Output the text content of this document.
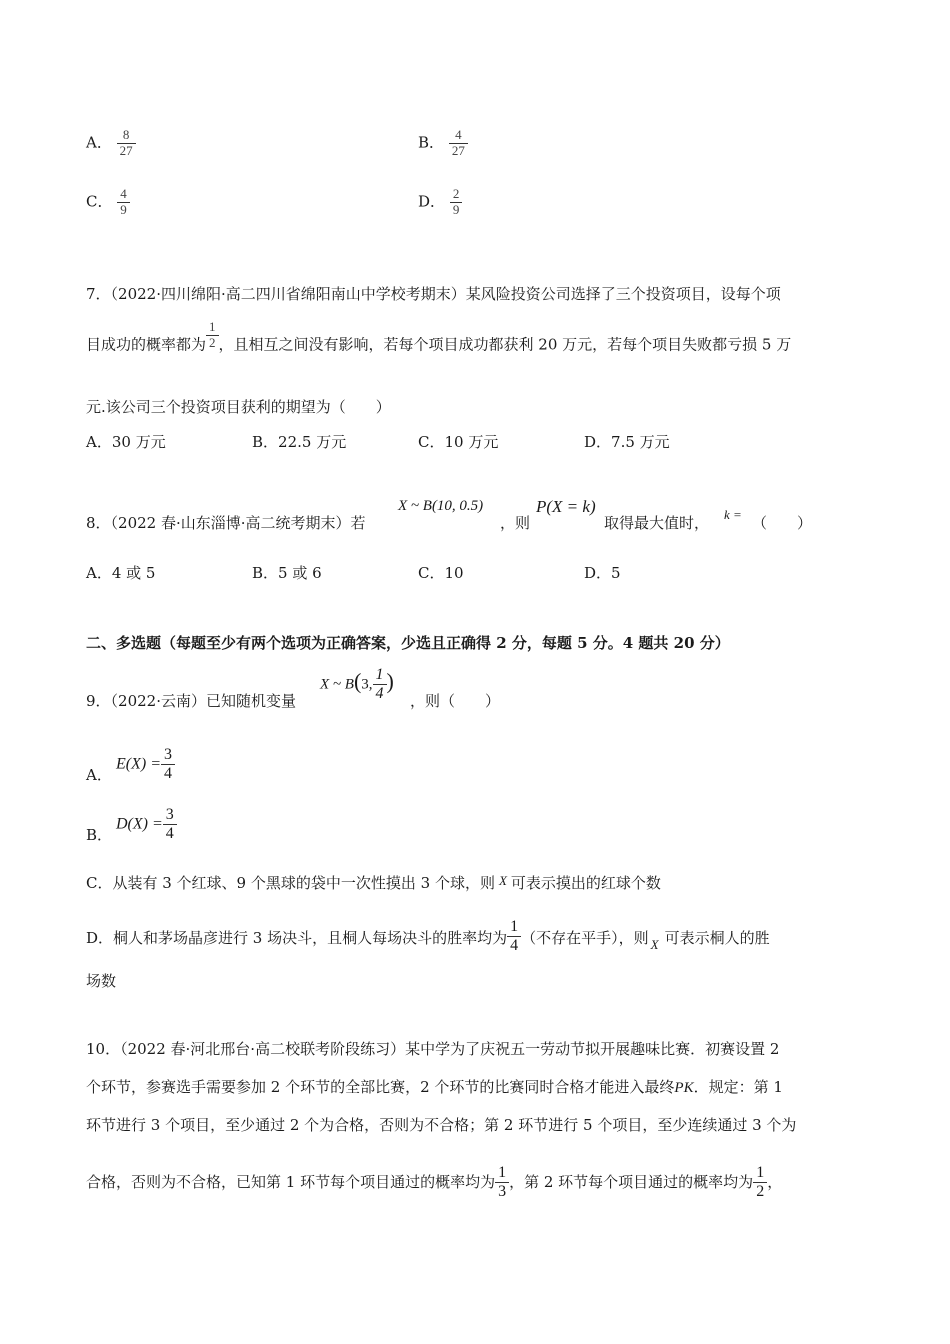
A． $\frac{8}{27}$	B． $\frac{4}{27}$
C． $\frac{4}{9}$	D． $\frac{2}{9}$
7．（2022·四川绵阳·高二四川省绵阳南山中学校考期末）某风险投资公司选择了三个投资项目，设每个项
目成功的概率都为 $\frac{1}{2}$ ，且相互之间没有影响，若每个项目成功都获利 20 万元，若每个项目失败都亏损 5 万
元.该公司三个投资项目获利的期望为（　　）
A．30 万元	B．22.5 万元	C．10 万元	D．7.5 万元
8．（2022 春·山东淄博·高二统考期末）若
X ~ B(10, 0.5)
，则
P(X = k)
取得最大值时， k = （　　）
A．4 或 5	B．5 或 6	C．10	D．5
二、多选题（每题至少有两个选项为正确答案，少选且正确得 2 分，每题 5 分。4 题共 20 分）
9．（2022·云南）已知随机变量
X ~ B(3, $\frac{1}{4}$ )
，则（　　）
A．
$E(X) = \frac{3}{4}$
B．
$D(X) = \frac{3}{4}$
C．从装有 3 个红球、9 个黑球的袋中一次性摸出 3 个球，则 X 可表示摸出的红球个数
D．桐人和茅场晶彦进行 3 场决斗，且桐人每场决斗的胜率均为 $\frac{1}{4}$ （不存在平手），则 X 可表示桐人的胜
场数
10．（2022 春·河北邢台·高二校联考阶段练习）某中学为了庆祝五一劳动节拟开展趣味比赛．初赛设置 2
个环节，参赛选手需要参加 2 个环节的全部比赛，2 个环节的比赛同时合格才能进入最终PK．规定：第 1
环节进行 3 个项目，至少通过 2 个为合格，否则为不合格；第 2 环节进行 5 个项目，至少连续通过 3 个为
合格，否则为不合格，已知第 1 环节每个项目通过的概率均为 $\frac{1}{3}$ ，第 2 环节每个项目通过的概率均为 $\frac{1}{2}$ ，
